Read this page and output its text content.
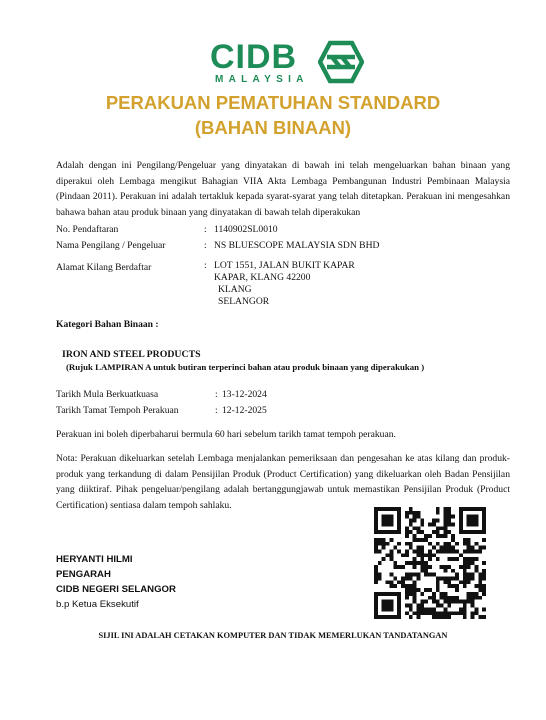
CIDB
MALAYSIA
PERAKUAN PEMATUHAN STANDARD
(BAHAN BINAAN)
Adalah dengan ini Pengilang/Pengeluar yang dinyatakan di bawah ini telah mengeluarkan bahan binaan yang diperakui oleh Lembaga mengikut Bahagian VIIA Akta Lembaga Pembangunan Industri Pembinaan Malaysia (Pindaan 2011). Perakuan ini adalah tertakluk kepada syarat-syarat yang telah ditetapkan. Perakuan ini mengesahkan bahawa bahan atau produk binaan yang dinyatakan di bawah telah diperakukan
No. Pendaftaran	: 1140902SL0010
Nama Pengilang / Pengeluar	: NS BLUESCOPE MALAYSIA SDN BHD
Alamat Kilang Berdaftar	: LOT 1551, JALAN BUKIT KAPAR
KAPAR, KLANG 42200
KLANG
SELANGOR
Kategori Bahan Binaan :
IRON AND STEEL PRODUCTS
(Rujuk LAMPIRAN A untuk butiran terperinci bahan atau produk binaan yang diperakukan )
Tarikh Mula Berkuatkuasa	: 13-12-2024
Tarikh Tamat Tempoh Perakuan	: 12-12-2025
Perakuan ini boleh diperbaharui bermula 60 hari sebelum tarikh tamat tempoh perakuan.
Nota: Perakuan dikeluarkan setelah Lembaga menjalankan pemeriksaan dan pengesahan ke atas kilang dan produk-produk yang terkandung di dalam Pensijilan Produk (Product Certification) yang dikeluarkan oleh Badan Pensijilan yang diiktiraf. Pihak pengeluar/pengilang adalah bertanggungjawab untuk memastikan Pensijilan Produk (Product Certification) sentiasa dalam tempoh sahlaku.
HERYANTI HILMI
PENGARAH
CIDB NEGERI SELANGOR
b.p Ketua Eksekutif
SIJIL INI ADALAH CETAKAN KOMPUTER DAN TIDAK MEMERLUKAN TANDATANGAN
